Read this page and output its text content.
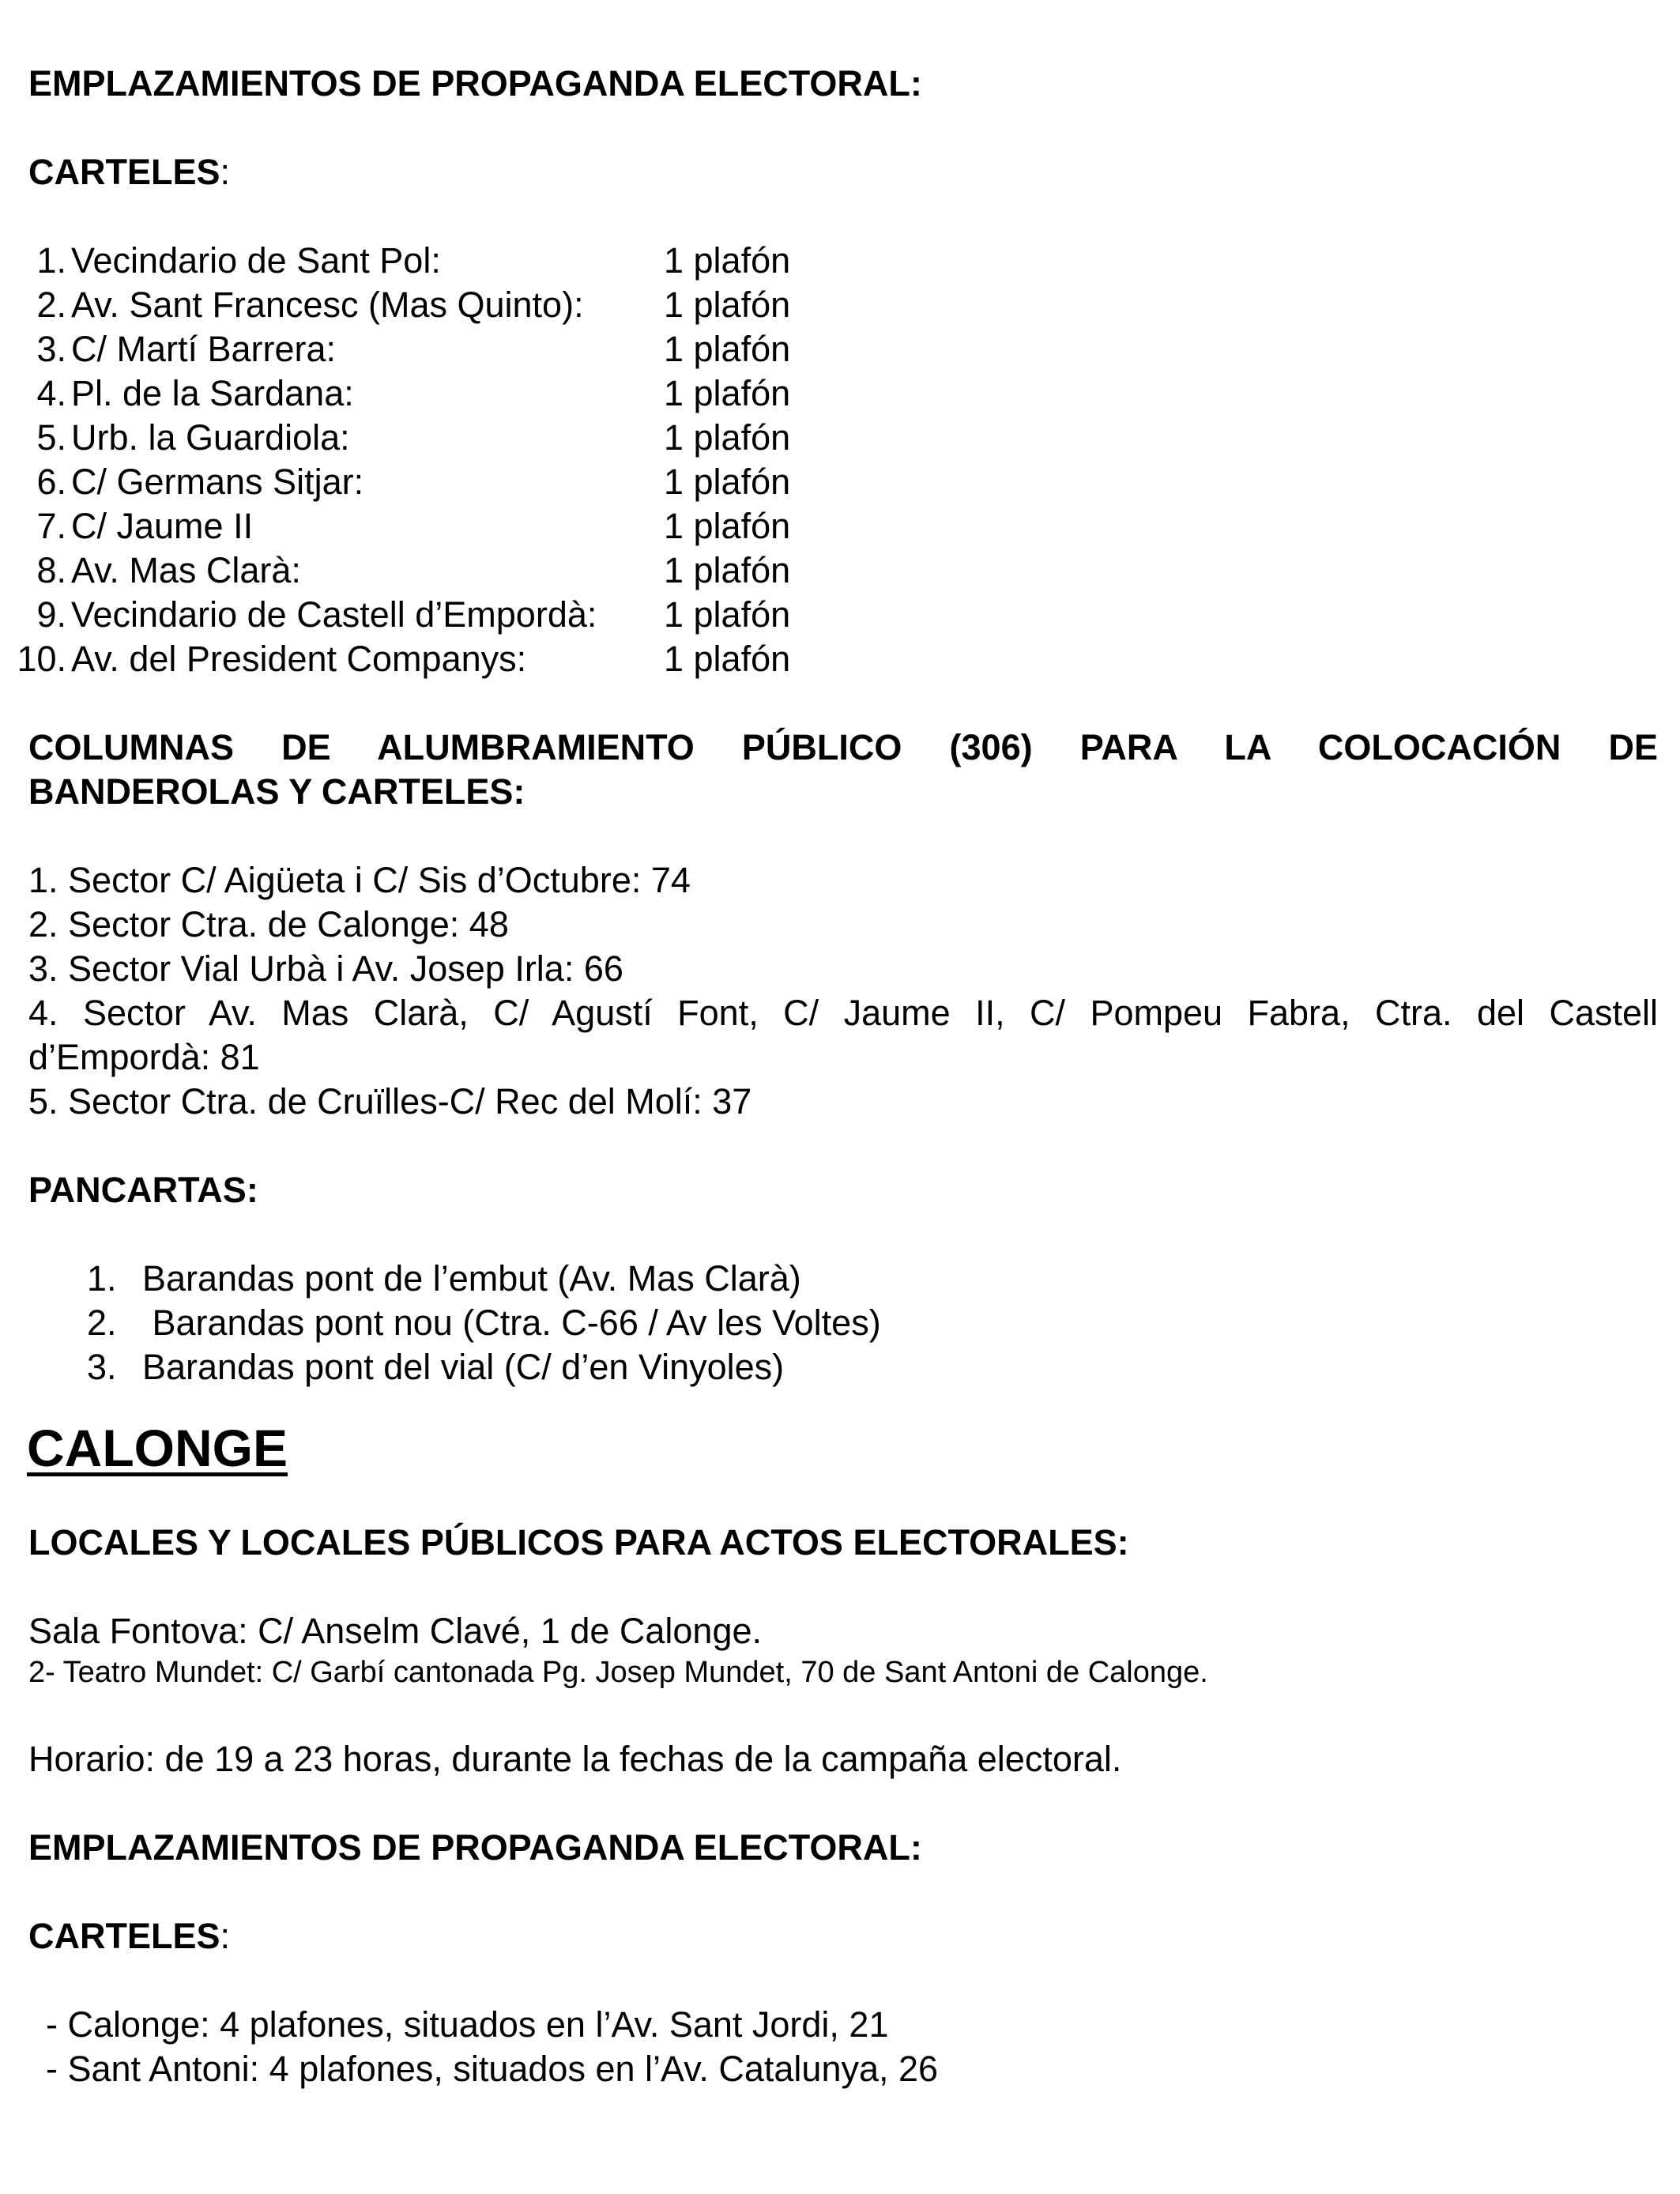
EMPLAZAMIENTOS DE PROPAGANDA ELECTORAL:
CARTELES:
1. Vecindario de Sant Pol:	1 plafón
2. Av. Sant Francesc (Mas Quinto): 1 plafón
3. C/ Martí Barrera:	1 plafón
4. Pl. de la Sardana:	1 plafón
5. Urb. la Guardiola:	1 plafón
6. C/ Germans Sitjar:	1 plafón
7. C/ Jaume II	1 plafón
8. Av. Mas Clarà:	1 plafón
9. Vecindario de Castell d’Empordà: 1 plafón
10. Av. del President Companys:	1 plafón
COLUMNAS DE ALUMBRAMIENTO PÚBLICO (306) PARA LA COLOCACIÓN DE
BANDEROLAS Y CARTELES:
1. Sector C/ Aigüeta i C/ Sis d’Octubre: 74
2. Sector Ctra. de Calonge: 48
3. Sector Vial Urbà i Av. Josep Irla: 66
4. Sector Av. Mas Clarà, C/ Agustí Font, C/ Jaume II, C/ Pompeu Fabra, Ctra. del Castell
d’Empordà: 81
5. Sector Ctra. de Cruïlles-C/ Rec del Molí: 37
PANCARTAS:
1. Barandas pont de l’embut (Av. Mas Clarà)
2. Barandas pont nou (Ctra. C-66 / Av les Voltes)
3. Barandas pont del vial (C/ d’en Vinyoles)
CALONGE
LOCALES Y LOCALES PÚBLICOS PARA ACTOS ELECTORALES:
Sala Fontova: C/ Anselm Clavé, 1 de Calonge.
2- Teatro Mundet: C/ Garbí cantonada Pg. Josep Mundet, 70 de Sant Antoni de Calonge.
Horario: de 19 a 23 horas, durante la fechas de la campaña electoral.
EMPLAZAMIENTOS DE PROPAGANDA ELECTORAL:
CARTELES:
- Calonge: 4 plafones, situados en l’Av. Sant Jordi, 21
- Sant Antoni: 4 plafones, situados en l’Av. Catalunya, 26
